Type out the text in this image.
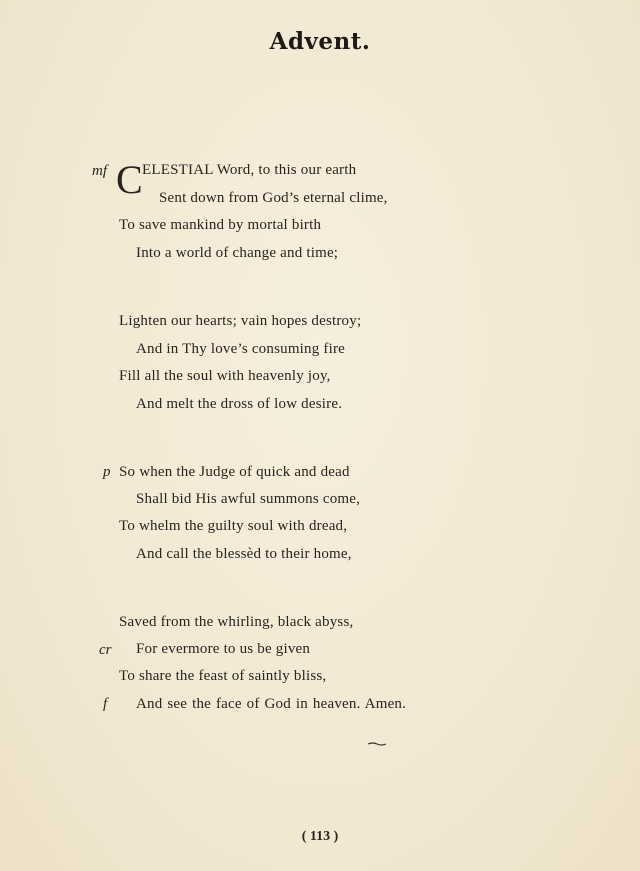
Advent.
mf C ELESTIAL Word, to this our earth
Sent down from God’s eternal clime,
To save mankind by mortal birth
Into a world of change and time;
Lighten our hearts; vain hopes destroy;
And in Thy love’s consuming fire
Fill all the soul with heavenly joy,
And melt the dross of low desire.
p So when the Judge of quick and dead
Shall bid His awful summons come,
To whelm the guilty soul with dread,
And call the blessèd to their home,
Saved from the whirling, black abyss,
cr For evermore to us be given
To share the feast of saintly bliss,
f And see the face of God in heaven. Amen.
( 113 )
